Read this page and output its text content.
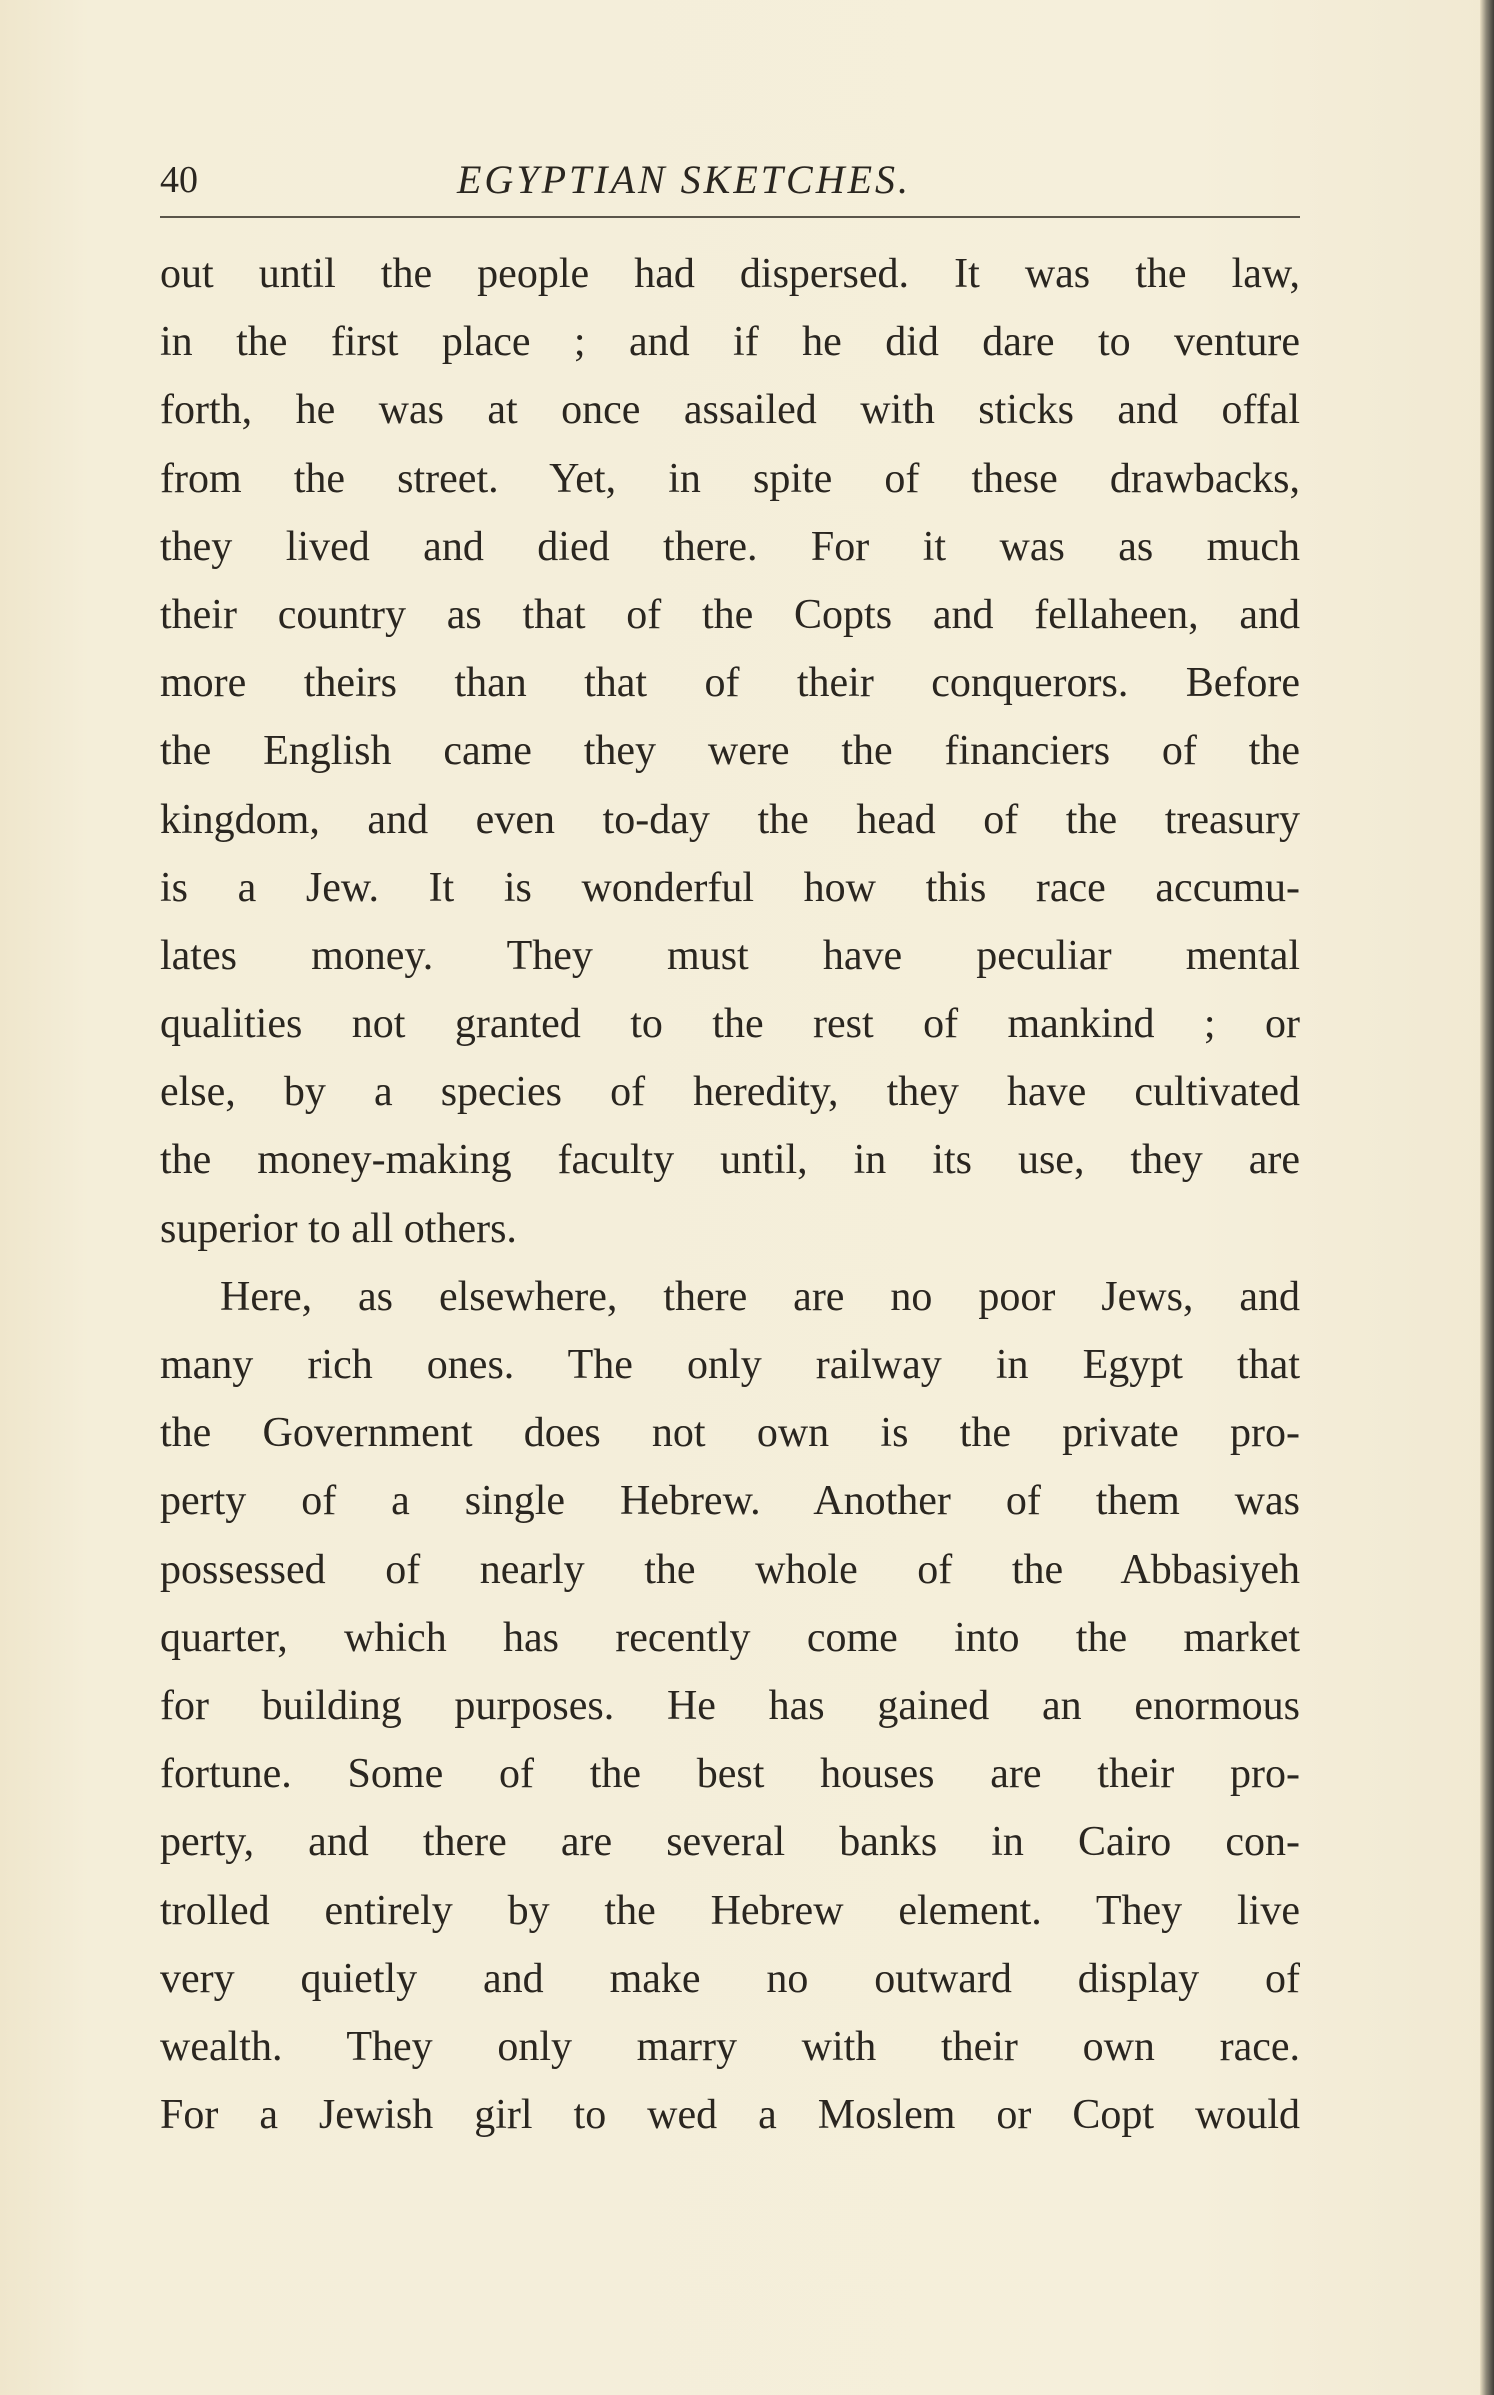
40	EGYPTIAN SKETCHES.
out until the people had dispersed. It was the law,
in the first place ; and if he did dare to venture
forth, he was at once assailed with sticks and offal
from the street. Yet, in spite of these drawbacks,
they lived and died there. For it was as much
their country as that of the Copts and fellaheen, and
more theirs than that of their conquerors. Before
the English came they were the financiers of the
kingdom, and even to-day the head of the treasury
is a Jew. It is wonderful how this race accumu-
lates money. They must have peculiar mental
qualities not granted to the rest of mankind ; or
else, by a species of heredity, they have cultivated
the money-making faculty until, in its use, they are
superior to all others.
Here, as elsewhere, there are no poor Jews, and
many rich ones. The only railway in Egypt that
the Government does not own is the private pro-
perty of a single Hebrew. Another of them was
possessed of nearly the whole of the Abbasiyeh
quarter, which has recently come into the market
for building purposes. He has gained an enormous
fortune. Some of the best houses are their pro-
perty, and there are several banks in Cairo con-
trolled entirely by the Hebrew element. They live
very quietly and make no outward display of
wealth. They only marry with their own race.
For a Jewish girl to wed a Moslem or Copt would
